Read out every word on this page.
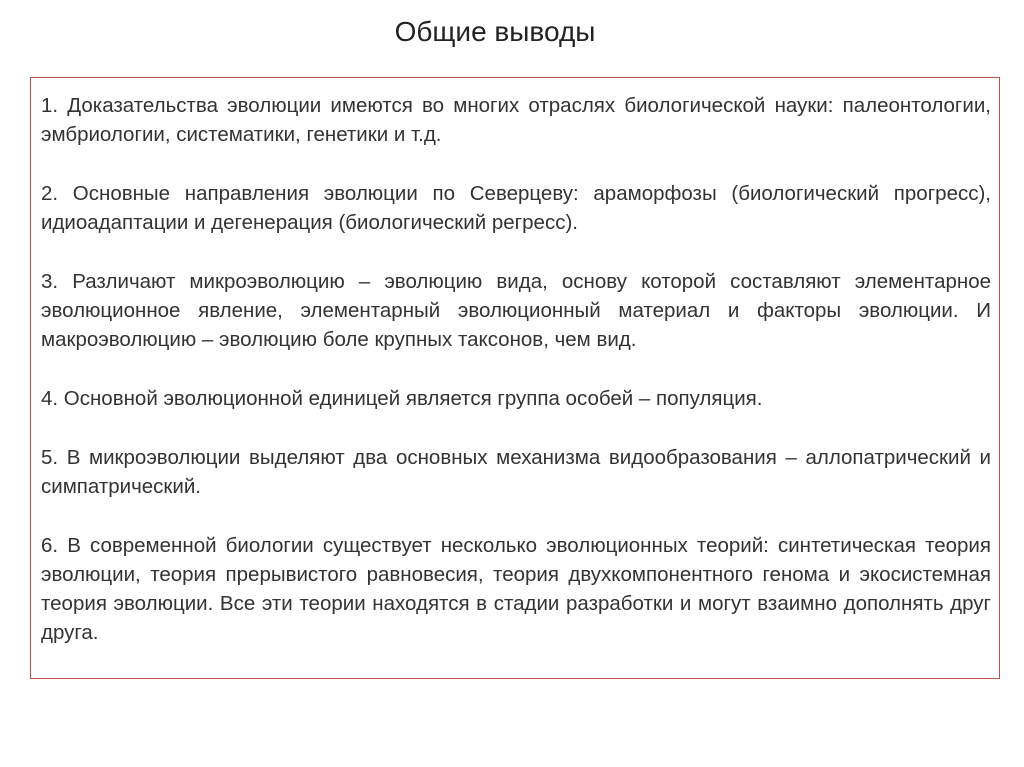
Общие выводы

1. Доказательства эволюции имеются во многих отраслях биологической науки: палеонтологии, эмбриологии, систематики, генетики и т.д.

2. Основные направления эволюции по Северцеву: араморфозы (биологический прогресс), идиоадаптации и дегенерация (биологический регресс).

3. Различают микроэволюцию – эволюцию вида, основу которой составляют элементарное эволюционное явление, элементарный эволюционный материал и факторы эволюции. И макроэволюцию – эволюцию боле крупных таксонов, чем вид.

4. Основной эволюционной единицей является группа особей – популяция.

5. В микроэволюции выделяют два основных механизма видообразования – аллопатрический и симпатрический.

6. В современной биологии существует несколько эволюционных теорий: синтетическая теория эволюции, теория прерывистого равновесия, теория двухкомпонентного генома и экосистемная теория эволюции. Все эти теории находятся в стадии разработки и могут взаимно дополнять друг друга.
